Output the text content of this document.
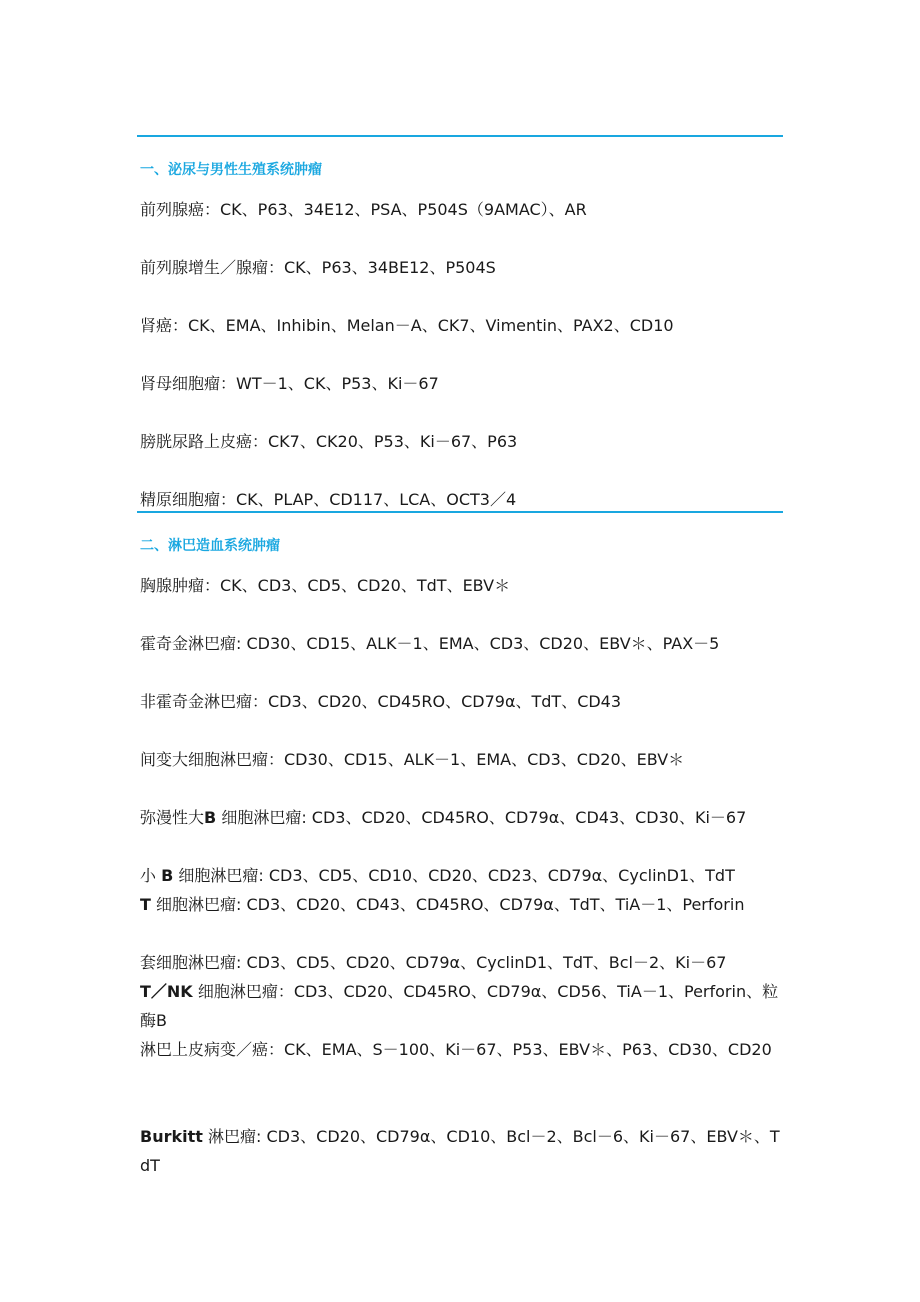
一、泌尿与男性生殖系统肿瘤
前列腺癌：CK、P63、34E12、PSA、P504S（9AMAC）、AR
前列腺增生／腺瘤：CK、P63、34BE12、P504S
肾癌：CK、EMA、Inhibin、Melan－A、CK7、Vimentin、PAX2、CD10
肾母细胞瘤：WT－1、CK、P53、Ki－67
膀胱尿路上皮癌：CK7、CK20、P53、Ki－67、P63
精原细胞瘤：CK、PLAP、CD117、LCA、OCT3／4
二、淋巴造血系统肿瘤
胸腺肿瘤：CK、CD3、CD5、CD20、TdT、EBV＊
霍奇金淋巴瘤: CD30、CD15、ALK－1、EMA、CD3、CD20、EBV＊、PAX－5
非霍奇金淋巴瘤：CD3、CD20、CD45RO、CD79α、TdT、CD43
间变大细胞淋巴瘤：CD30、CD15、ALK－1、EMA、CD3、CD20、EBV＊
弥漫性大B 细胞淋巴瘤: CD3、CD20、CD45RO、CD79α、CD43、CD30、Ki－67
小 B 细胞淋巴瘤: CD3、CD5、CD10、CD20、CD23、CD79α、CyclinD1、TdT
T 细胞淋巴瘤: CD3、CD20、CD43、CD45RO、CD79α、TdT、TiA－1、Perforin
套细胞淋巴瘤: CD3、CD5、CD20、CD79α、CyclinD1、TdT、Bcl－2、Ki－67
T／NK 细胞淋巴瘤：CD3、CD20、CD45RO、CD79α、CD56、TiA－1、Perforin、粒酶B
淋巴上皮病变／癌：CK、EMA、S－100、Ki－67、P53、EBV＊、P63、CD30、CD20
Burkitt 淋巴瘤: CD3、CD20、CD79α、CD10、Bcl－2、Bcl－6、Ki－67、EBV＊、TdT
